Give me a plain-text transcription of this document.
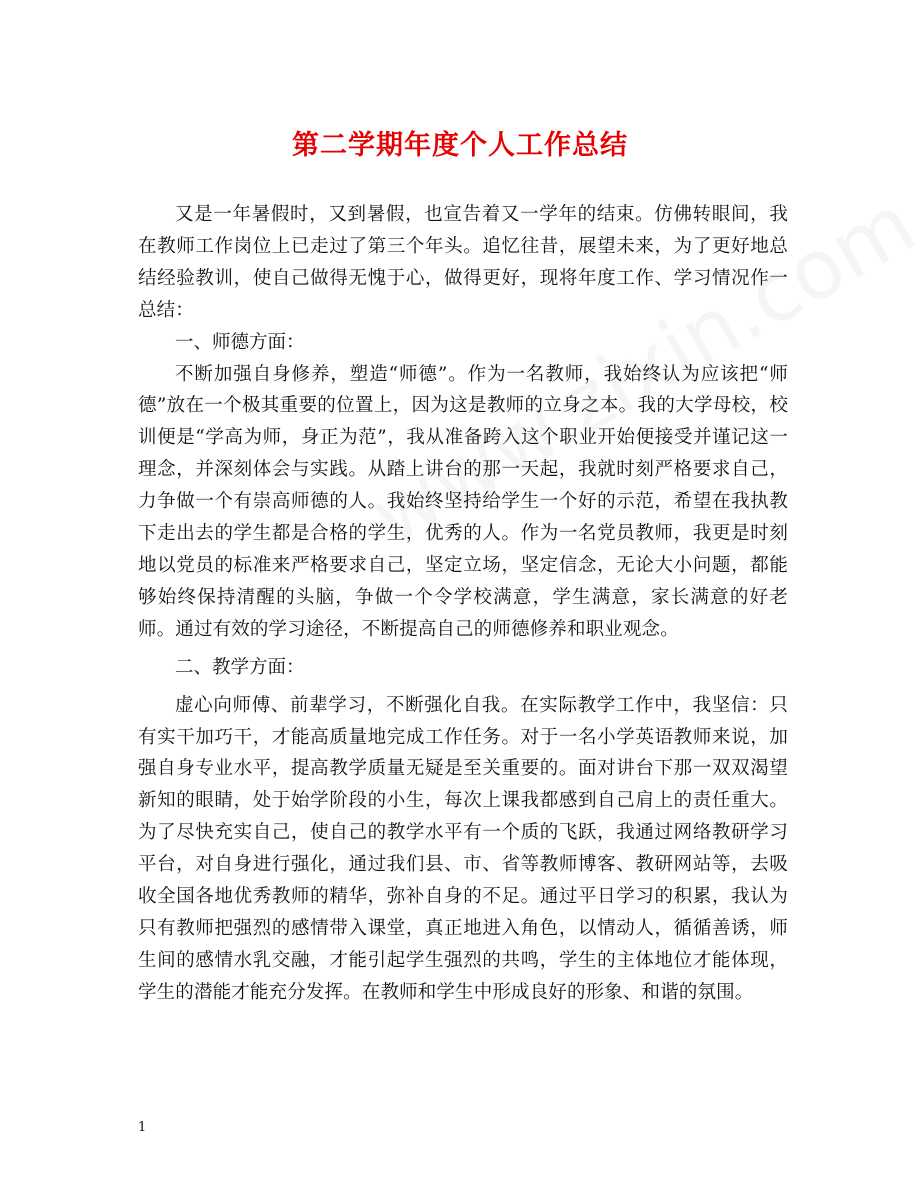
第二学期年度个人工作总结

又是一年暑假时，又到暑假，也宣告着又一学年的结束。仿佛转眼间，我在教师工作岗位上已走过了第三个年头。追忆往昔，展望未来，为了更好地总结经验教训，使自己做得无愧于心，做得更好，现将年度工作、学习情况作一总结：

一、师德方面：

不断加强自身修养，塑造“师德”。作为一名教师，我始终认为应该把“师德”放在一个极其重要的位置上，因为这是教师的立身之本。我的大学母校，校训便是“学高为师，身正为范”，我从准备跨入这个职业开始便接受并谨记这一理念，并深刻体会与实践。从踏上讲台的那一天起，我就时刻严格要求自己，力争做一个有崇高师德的人。我始终坚持给学生一个好的示范，希望在我执教下走出去的学生都是合格的学生，优秀的人。作为一名党员教师，我更是时刻地以党员的标准来严格要求自己，坚定立场，坚定信念，无论大小问题，都能够始终保持清醒的头脑，争做一个令学校满意，学生满意，家长满意的好老师。通过有效的学习途径，不断提高自己的师德修养和职业观念。

二、教学方面：

虚心向师傅、前辈学习，不断强化自我。在实际教学工作中，我坚信：只有实干加巧干，才能高质量地完成工作任务。对于一名小学英语教师来说，加强自身专业水平，提高教学质量无疑是至关重要的。面对讲台下那一双双渴望新知的眼睛，处于始学阶段的小生，每次上课我都感到自己肩上的责任重大。为了尽快充实自己，使自己的教学水平有一个质的飞跃，我通过网络教研学习平台，对自身进行强化，通过我们县、市、省等教师博客、教研网站等，去吸收全国各地优秀教师的精华，弥补自身的不足。通过平日学习的积累，我认为只有教师把强烈的感情带入课堂，真正地进入角色，以情动人，循循善诱，师生间的感情水乳交融，才能引起学生强烈的共鸣，学生的主体地位才能体现，学生的潜能才能充分发挥。在教师和学生中形成良好的形象、和谐的氛围。

1
